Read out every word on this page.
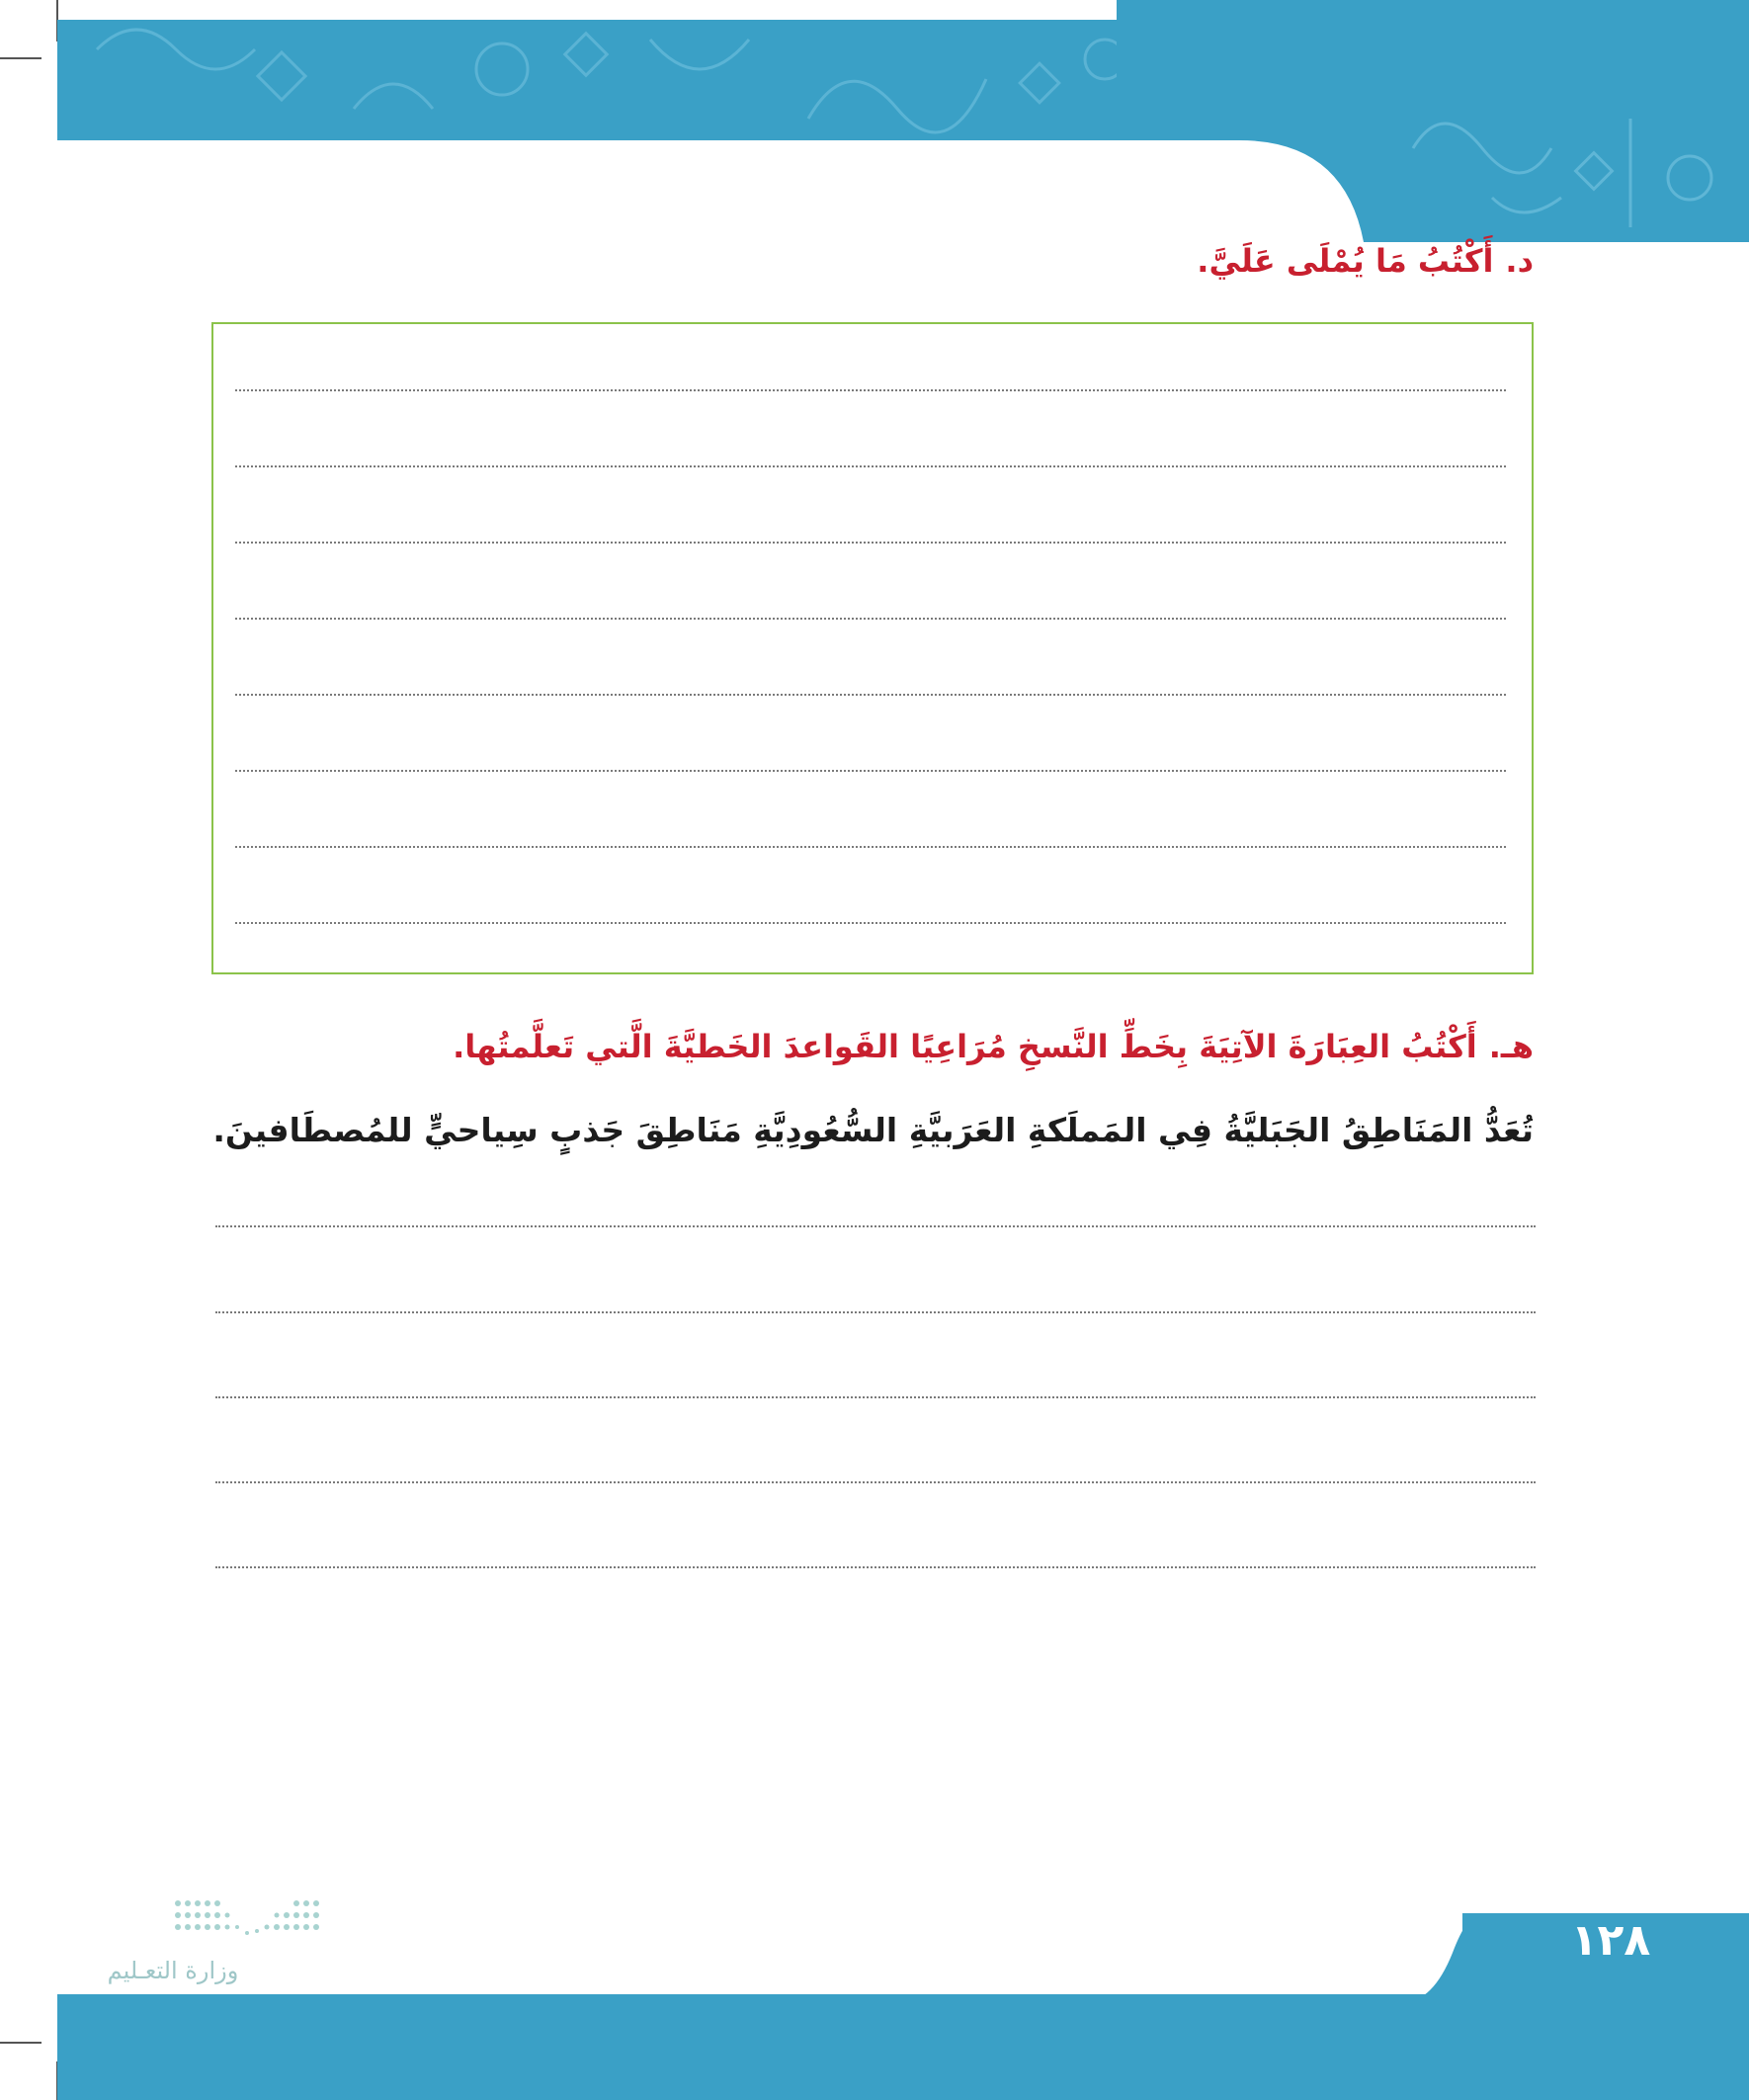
د.أَكْتُبُ مَا يُمْلَى عَلَيَّ.
هـ.أَكْتُبُ العِبَارَةَ الآتِيَةَ بِخَطِّ النَّسخِ مُرَاعِيًا القَواعدَ الخَطيَّةَ الَّتي تَعلَّمتُها.
تُعَدُّ المَنَاطِقُ الجَبَليَّةُ فِي المَملَكةِ العَرَبيَّةِ السُّعُودِيَّةِ مَنَاطِقَ جَذبٍ سِياحيٍّ للمُصطَافينَ.
وزارة التعـليم
١٢٨
